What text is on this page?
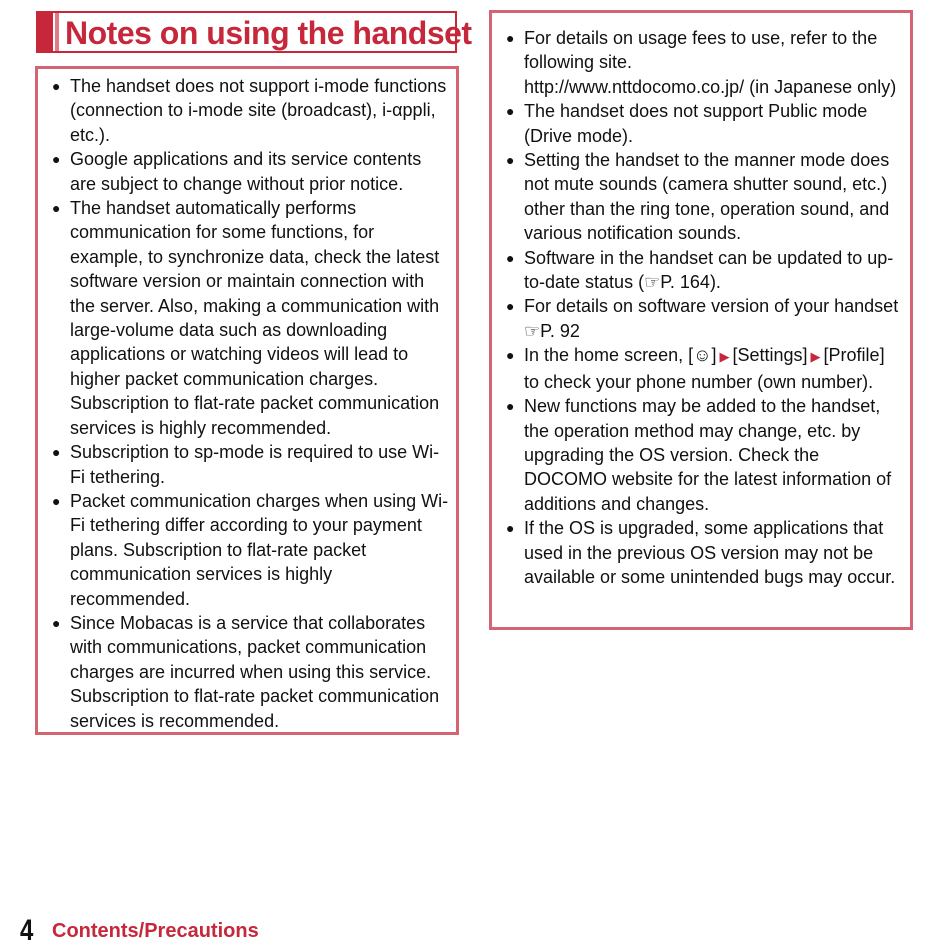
Notes on using the handset
● The handset does not support i-mode functions (connection to i-mode site (broadcast), i-αppli, etc.).
● Google applications and its service contents are subject to change without prior notice.
● The handset automatically performs communication for some functions, for example, to synchronize data, check the latest software version or maintain connection with the server. Also, making a communication with large-volume data such as downloading applications or watching videos will lead to higher packet communication charges. Subscription to flat-rate packet communication services is highly recommended.
● Subscription to sp-mode is required to use Wi-Fi tethering.
● Packet communication charges when using Wi-Fi tethering differ according to your payment plans. Subscription to flat-rate packet communication services is highly recommended.
● Since Mobacas is a service that collaborates with communications, packet communication charges are incurred when using this service. Subscription to flat-rate packet communication services is recommended.
● For details on usage fees to use, refer to the following site.
http://www.nttdocomo.co.jp/ (in Japanese only)
● The handset does not support Public mode (Drive mode).
● Setting the handset to the manner mode does not mute sounds (camera shutter sound, etc.) other than the ring tone, operation sound, and various notification sounds.
● Software in the handset can be updated to up-to-date status (☞P. 164).
● For details on software version of your handset ☞P. 92
● In the home screen, [☺] ▶ [Settings] ▶ [Profile] to check your phone number (own number).
● New functions may be added to the handset, the operation method may change, etc. by upgrading the OS version. Check the DOCOMO website for the latest information of additions and changes.
● If the OS is upgraded, some applications that used in the previous OS version may not be available or some unintended bugs may occur.
4 Contents/Precautions
